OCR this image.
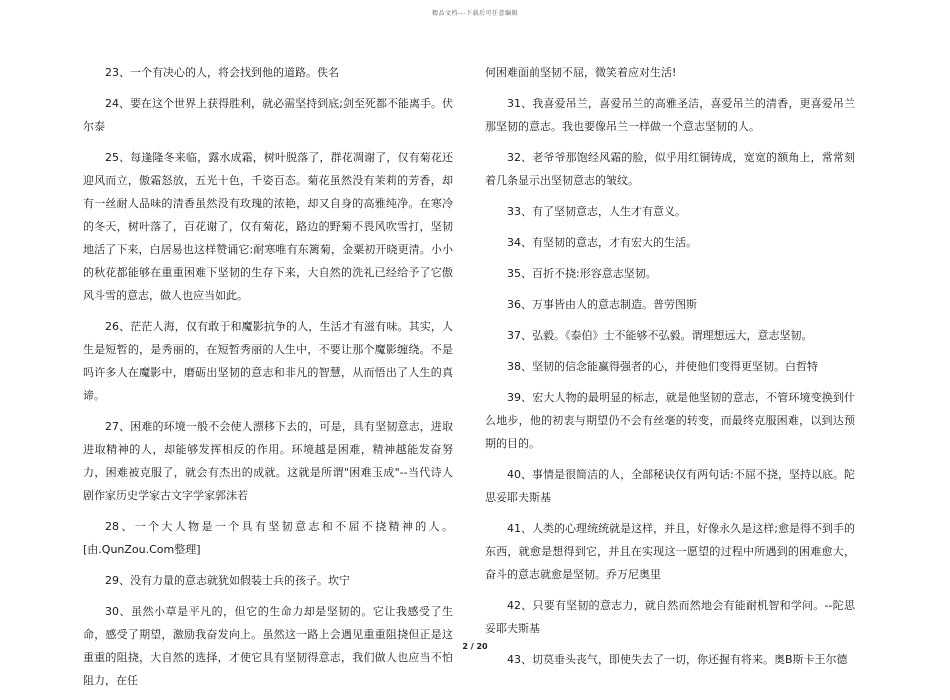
精品文档---下载后可任意编辑

23、一个有决心的人，将会找到他的道路。佚名

24、要在这个世界上获得胜利，就必需坚持到底;剑至死都不能离手。伏尔泰

25、每逢隆冬来临，露水成霜，树叶脱落了，群花凋谢了，仅有菊花还迎风而立，傲霜怒放，五光十色，千姿百态。菊花虽然没有茉莉的芳香，却有一丝耐人品味的清香虽然没有玫瑰的浓艳，却又自身的高雅纯净。在寒冷的冬天，树叶落了，百花谢了，仅有菊花，路边的野菊不畏风吹雪打，坚韧地活了下来，白居易也这样赞诵它:耐寒唯有东篱菊，金粟初开晓更清。小小的秋花都能够在重重困难下坚韧的生存下来，大自然的洗礼已经给予了它傲风斗雪的意志，做人也应当如此。

26、茫茫人海，仅有敢于和魔影抗争的人，生活才有滋有味。其实，人生是短暂的，是秀丽的，在短暂秀丽的人生中，不要让那个魔影缠绕。不是吗许多人在魔影中，磨砺出坚韧的意志和非凡的智慧，从而悟出了人生的真谛。

27、困难的环境一般不会使人漂移下去的，可是，具有坚韧意志，进取进取精神的人，却能够发挥相反的作用。环境越是困难，精神越能发奋努力，困难被克服了，就会有杰出的成就。这就是所谓"困难玉成"--当代诗人剧作家历史学家古文字学家郭沫若

28、一个大人物是一个具有坚韧意志和不屈不挠精神的人。[由.QunZou.Com整理]

29、没有力量的意志就犹如假装士兵的孩子。坎宁

30、虽然小草是平凡的，但它的生命力却是坚韧的。它让我感受了生命，感受了期望，激励我奋发向上。虽然这一路上会遇见重重阻挠但正是这重重的阻挠，大自然的选择，才使它具有坚韧得意志，我们做人也应当不怕阻力，在任

何困难面前坚韧不屈，微笑着应对生活!

31、我喜爱吊兰，喜爱吊兰的高雅圣洁，喜爱吊兰的清香，更喜爱吊兰那坚韧的意志。我也要像吊兰一样做一个意志坚韧的人。

32、老爷爷那饱经风霜的脸，似乎用红铜铸成，宽宽的额角上，常常刻着几条显示出坚韧意志的皱纹。

33、有了坚韧意志，人生才有意义。

34、有坚韧的意志，才有宏大的生活。

35、百折不挠:形容意志坚韧。

36、万事皆由人的意志制造。普劳图斯

37、弘毅。《泰伯》士不能够不弘毅。谓理想远大，意志坚韧。

38、坚韧的信念能赢得强者的心，并使他们变得更坚韧。白哲特

39、宏大人物的最明显的标志，就是他坚韧的意志，不管环境变换到什么地步，他的初衷与期望仍不会有丝毫的转变，而最终克服困难，以到达预期的目的。

40、事情是很简洁的人，全部秘诀仅有两句话:不屈不挠，坚持以底。陀思妥耶夫斯基

41、人类的心理统统就是这样，并且，好像永久是这样;愈是得不到手的东西，就愈是想得到它，并且在实现这一愿望的过程中所遇到的困难愈大，奋斗的意志就愈是坚韧。乔万尼奥里

42、只要有坚韧的意志力，就自然而然地会有能耐机智和学问。--陀思妥耶夫斯基

43、切莫垂头丧气，即使失去了一切，你还握有将来。奥B斯卡王尔德

2 / 20
